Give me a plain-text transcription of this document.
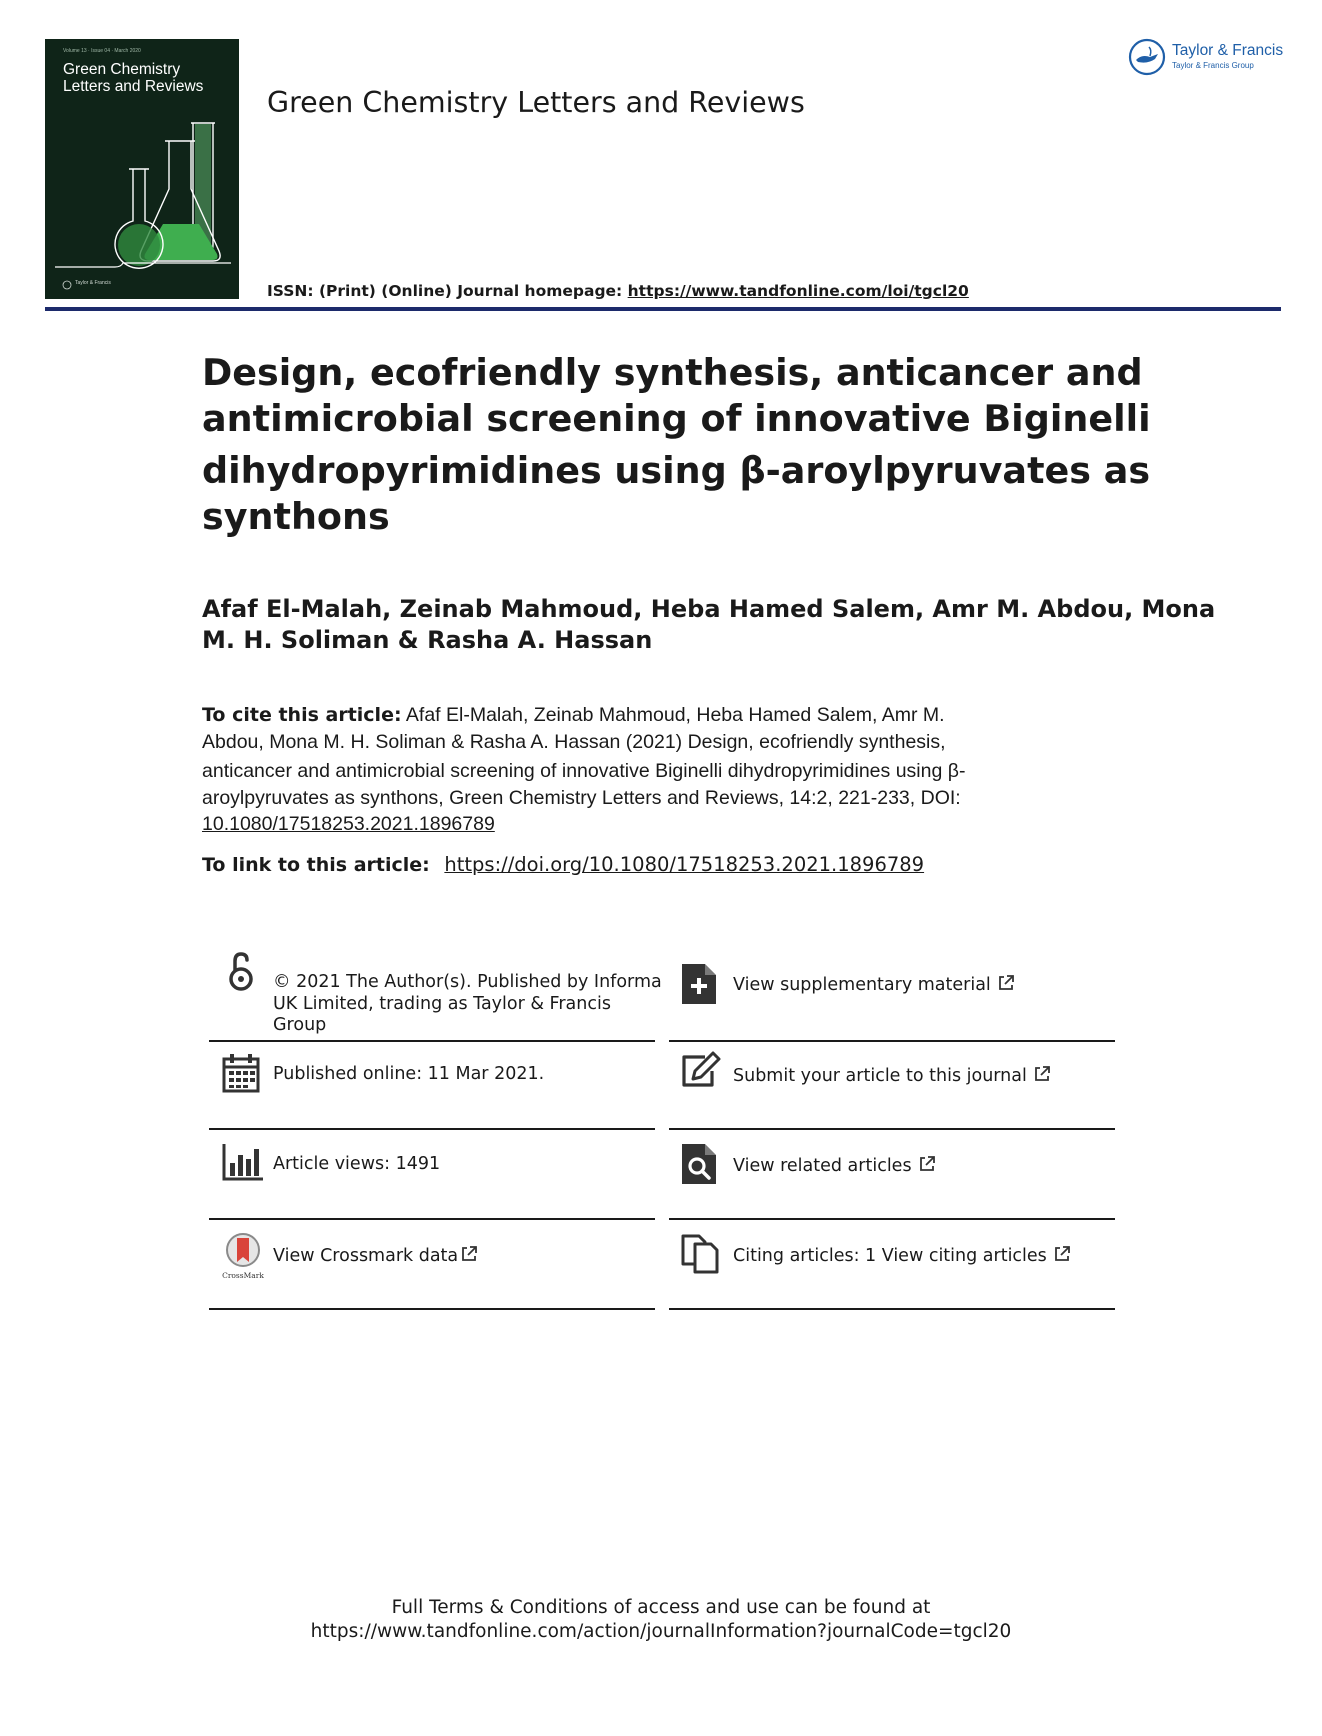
Volume 13 · Issue 04 · March 2020
Green Chemistry
Letters and Reviews
Taylor & Francis
Green Chemistry Letters and Reviews
ISSN: (Print) (Online) Journal homepage: https://www.tandfonline.com/loi/tgcl20
Taylor & Francis
Taylor & Francis Group
Design, ecofriendly synthesis, anticancer and
antimicrobial screening of innovative Biginelli
dihydropyrimidines using β-aroylpyruvates as
synthons
Afaf El-Malah, Zeinab Mahmoud, Heba Hamed Salem, Amr M. Abdou, Mona
M. H. Soliman & Rasha A. Hassan
To cite this article: Afaf El-Malah, Zeinab Mahmoud, Heba Hamed Salem, Amr M.
Abdou, Mona M. H. Soliman & Rasha A. Hassan (2021) Design, ecofriendly synthesis,
anticancer and antimicrobial screening of innovative Biginelli dihydropyrimidines using β-
aroylpyruvates as synthons, Green Chemistry Letters and Reviews, 14:2, 221-233, DOI:
10.1080/17518253.2021.1896789
To link to this article: https://doi.org/10.1080/17518253.2021.1896789
© 2021 The Author(s). Published by Informa
UK Limited, trading as Taylor & Francis
Group
Published online: 11 Mar 2021.
Article views: 1491
CrossMark
View Crossmark data
View supplementary material
Submit your article to this journal
View related articles
Citing articles: 1 View citing articles
Full Terms & Conditions of access and use can be found at
https://www.tandfonline.com/action/journalInformation?journalCode=tgcl20
